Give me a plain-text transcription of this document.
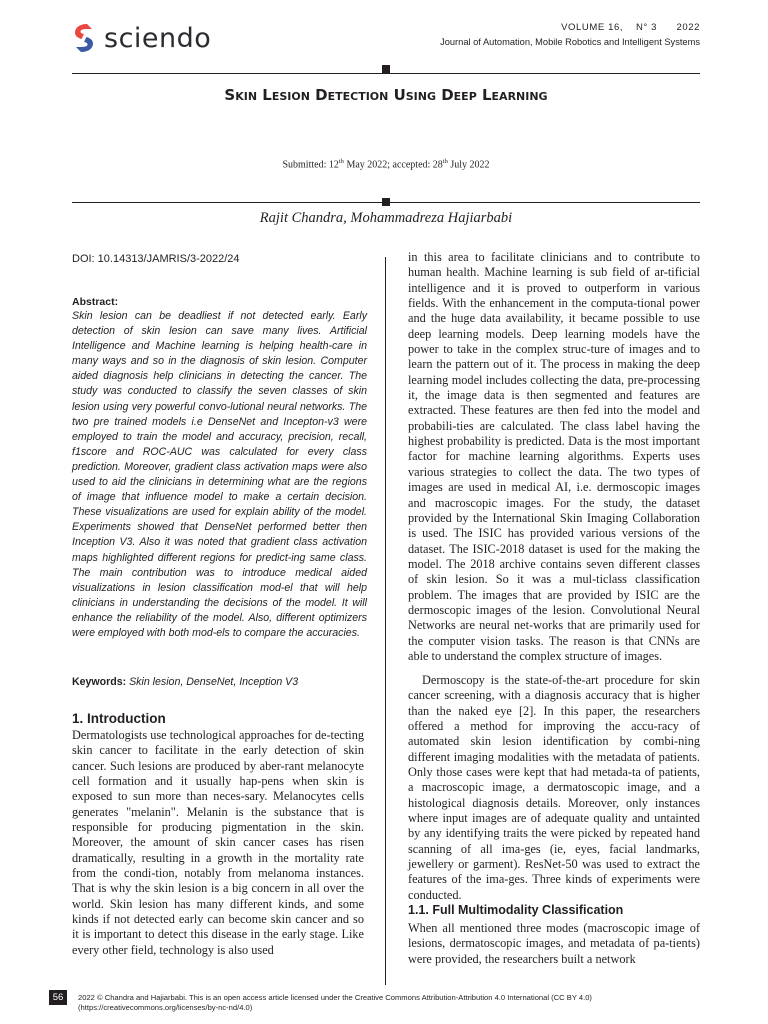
sciendo	VOLUME 16,    N° 3      2022
Journal of Automation, Mobile Robotics and Intelligent Systems
Skin Lesion Detection Using Deep Learning
Submitted: 12th May 2022; accepted: 28th July 2022
Rajit Chandra, Mohammadreza Hajiarbabi
DOI: 10.14313/JAMRIS/3-2022/24
Abstract:
Skin lesion can be deadliest if not detected early. Early detection of skin lesion can save many lives. Artificial Intelligence and Machine learning is helping health-care in many ways and so in the diagnosis of skin lesion. Computer aided diagnosis help clinicians in detecting the cancer. The study was conducted to classify the seven classes of skin lesion using very powerful convo-lutional neural networks. The two pre trained models i.e DenseNet and Incepton-v3 were employed to train the model and accuracy, precision, recall, f1score and ROC-AUC was calculated for every class prediction. Moreover, gradient class activation maps were also used to aid the clinicians in determining what are the regions of image that influence model to make a certain decision. These visualizations are used for explain ability of the model. Experiments showed that DenseNet performed better then Inception V3. Also it was noted that gradient class activation maps highlighted different regions for predict-ing same class. The main contribution was to introduce medical aided visualizations in lesion classification mod-el that will help clinicians in understanding the decisions of the model. It will enhance the reliability of the model. Also, different optimizers were employed with both mod-els to compare the accuracies.
Keywords: Skin lesion, DenseNet, Inception V3
1. Introduction
Dermatologists use technological approaches for de-tecting skin cancer to facilitate in the early detection of skin cancer. Such lesions are produced by aber-rant melanocyte cell formation and it usually hap-pens when skin is exposed to sun more than neces-sary. Melanocytes cells generates "melanin". Melanin is the substance that is responsible for producing pigmentation in the skin. Moreover, the amount of skin cancer cases has risen dramatically, resulting in a growth in the mortality rate from the condi-tion, notably from melanoma instances. That is why the skin lesion is a big concern in all over the world. Skin lesion has many different kinds, and some kinds if not detected early can become skin cancer and so it is important to detect this disease in the early stage. Like every other field, technology is also used
in this area to facilitate clinicians and to contribute to human health. Machine learning is sub field of ar-tificial intelligence and it is proved to outperform in various fields. With the enhancement in the computa-tional power and the huge data availability, it became possible to use deep learning models. Deep learning models have the power to take in the complex struc-ture of images and to learn the pattern out of it. The process in making the deep learning model includes collecting the data, pre-processing it, the image data is then segmented and features are extracted. These features are then fed into the model and probabili-ties are calculated. The class label having the highest probability is predicted. Data is the most important factor for machine learning algorithms. Experts uses various strategies to collect the data. The two types of images are used in medical AI, i.e. dermoscopic images and macroscopic images. For the study, the dataset provided by the International Skin Imaging Collaboration is used. The ISIC has provided various versions of the dataset. The ISIC-2018 dataset is used for the making the model. The 2018 archive contains seven different classes of skin lesion. So it was a mul-ticlass classification problem. The images that are provided by ISIC are the dermoscopic images of the lesion. Convolutional Neural Networks are neural net-works that are primarily used for the computer vision tasks. The reason is that CNNs are able to understand the complex structure of images.
Dermoscopy is the state-of-the-art procedure for skin cancer screening, with a diagnosis accuracy that is higher than the naked eye [2]. In this paper, the researchers offered a method for improving the accu-racy of automated skin lesion identification by combi-ning different imaging modalities with the metadata of patients. Only those cases were kept that had metada-ta of patients, a macroscopic image, a dermatoscopic image, and a histological diagnosis details. Moreover, only instances where input images are of adequate quality and untainted by any identifying traits the were picked by repeated hand scanning of all ima-ges (ie, eyes, facial landmarks, jewellery or garment). ResNet-50 was used to extract the features of the ima-ges. Three kinds of experiments were conducted.
1.1. Full Multimodality Classification
When all mentioned three modes (macroscopic image of lesions, dermatoscopic images, and metadata of pa-tients) were provided, the researchers built a network
56	2022 © Chandra and Hajiarbabi. This is an open access article licensed under the Creative Commons Attribution-Attribution 4.0 International (CC BY 4.0)
(https://creativecommons.org/licenses/by-nc-nd/4.0)
